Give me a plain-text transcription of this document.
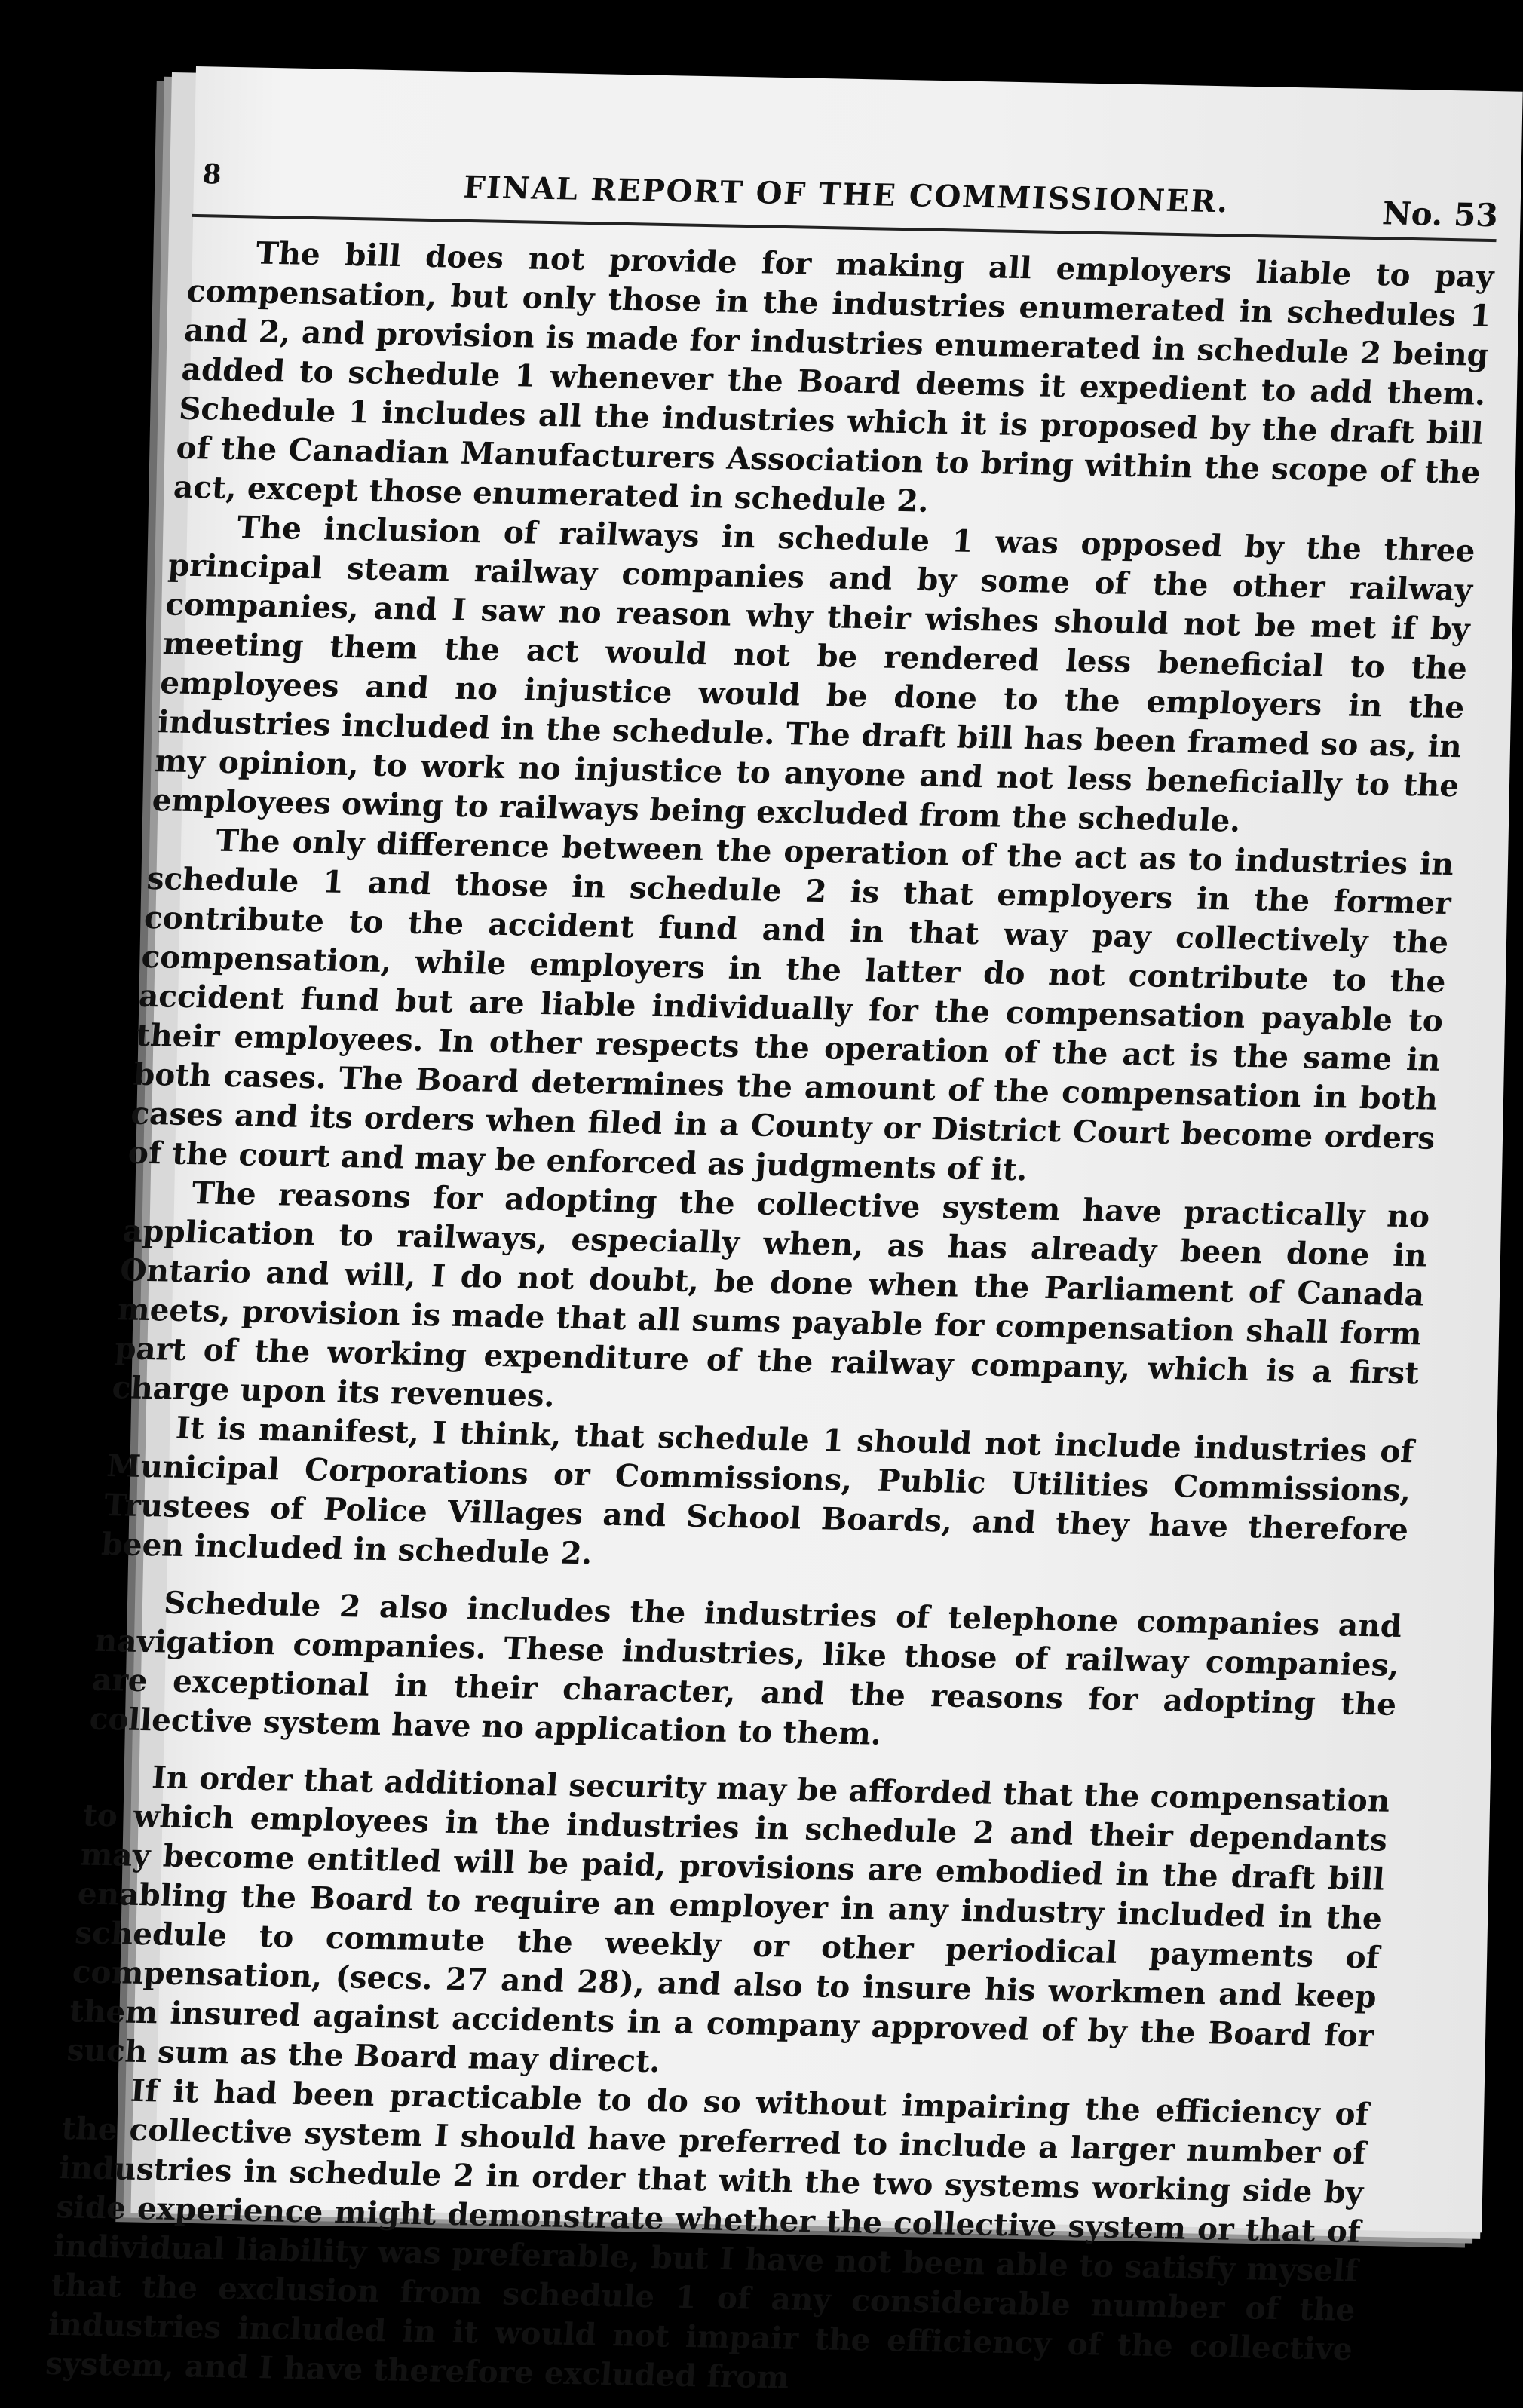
8	FINAL REPORT OF THE COMMISSIONER.	No. 53

The bill does not provide for making all employers liable to pay compensation, but only those in the industries enumerated in schedules 1 and 2, and provision is made for industries enumerated in schedule 2 being added to schedule 1 whenever the Board deems it expedient to add them. Schedule 1 includes all the industries which it is proposed by the draft bill of the Canadian Manufacturers Association to bring within the scope of the act, except those enumerated in schedule 2.

The inclusion of railways in schedule 1 was opposed by the three principal steam railway companies and by some of the other railway companies, and I saw no reason why their wishes should not be met if by meeting them the act would not be rendered less beneficial to the employees and no injustice would be done to the employers in the industries included in the schedule. The draft bill has been framed so as, in my opinion, to work no injustice to anyone and not less beneficially to the employees owing to railways being excluded from the schedule.

The only difference between the operation of the act as to industries in schedule 1 and those in schedule 2 is that employers in the former contribute to the accident fund and in that way pay collectively the compensation, while employers in the latter do not contribute to the accident fund but are liable individually for the compensation payable to their employees. In other respects the operation of the act is the same in both cases. The Board determines the amount of the compensation in both cases and its orders when filed in a County or District Court become orders of the court and may be enforced as judgments of it.

The reasons for adopting the collective system have practically no application to railways, especially when, as has already been done in Ontario and will, I do not doubt, be done when the Parliament of Canada meets, provision is made that all sums payable for compensation shall form part of the working expenditure of the railway company, which is a first charge upon its revenues.

It is manifest, I think, that schedule 1 should not include industries of Municipal Corporations or Commissions, Public Utilities Commissions, Trustees of Police Villages and School Boards, and they have therefore been included in schedule 2.

Schedule 2 also includes the industries of telephone companies and navigation companies. These industries, like those of railway companies, are exceptional in their character, and the reasons for adopting the collective system have no application to them.

In order that additional security may be afforded that the compensation to which employees in the industries in schedule 2 and their dependants may become entitled will be paid, provisions are embodied in the draft bill enabling the Board to require an employer in any industry included in the schedule to commute the weekly or other periodical payments of compensation, (secs. 27 and 28), and also to insure his workmen and keep them insured against accidents in a company approved of by the Board for such sum as the Board may direct.

If it had been practicable to do so without impairing the efficiency of the collective system I should have preferred to include a larger number of industries in schedule 2 in order that with the two systems working side by side experience might demonstrate whether the collective system or that of individual liability was preferable, but I have not been able to satisfy myself that the exclusion from schedule 1 of any considerable number of the industries included in it would not impair the efficiency of the collective system, and I have therefore excluded from
